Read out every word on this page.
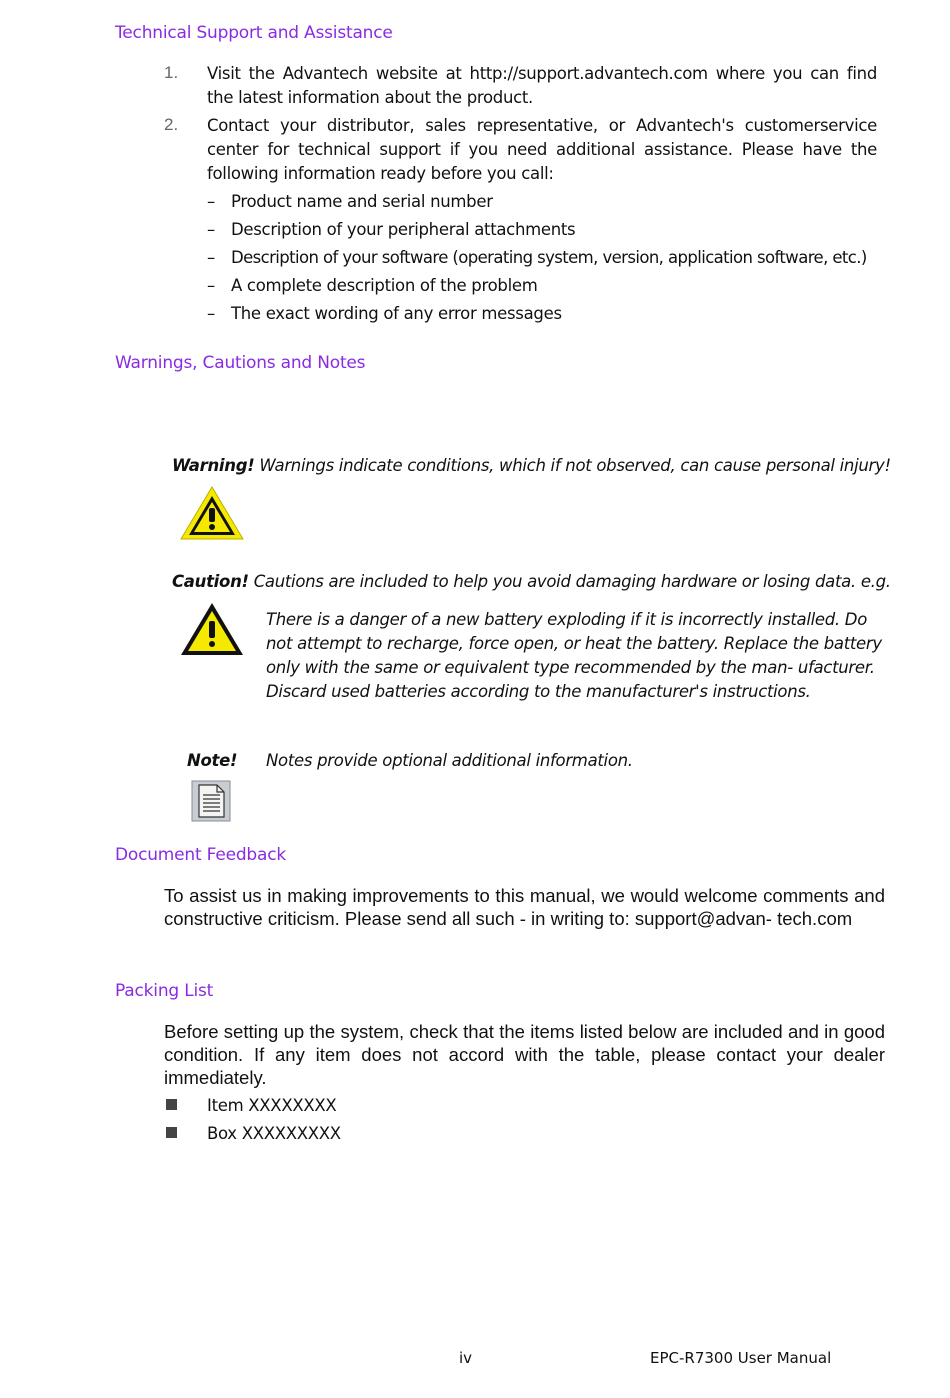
Technical Support and Assistance
1. Visit the Advantech website at http://support.advantech.com where you can find the latest information about the product.
2. Contact your distributor, sales representative, or Advantech's customerservice center for technical support if you need additional assistance. Please have the following information ready before you call:
– Product name and serial number
– Description of your peripheral attachments
– Description of your software (operating system, version, application software, etc.)
– A complete description of the problem
– The exact wording of any error messages
Warnings, Cautions and Notes
Warning! Warnings indicate conditions, which if not observed, can cause personal injury!
Caution! Cautions are included to help you avoid damaging hardware or losing data. e.g.
There is a danger of a new battery exploding if it is incorrectly installed. Do not attempt to recharge, force open, or heat the battery. Replace the battery only with the same or equivalent type recommended by the man- ufacturer. Discard used batteries according to the manufacturer's instructions.
Note! Notes provide optional additional information.
Document Feedback
To assist us in making improvements to this manual, we would welcome comments and constructive criticism. Please send all such - in writing to: support@advan- tech.com
Packing List
Before setting up the system, check that the items listed below are included and in good condition. If any item does not accord with the table, please contact your dealer immediately.
Item XXXXXXXX
Box XXXXXXXXX
iv	EPC-R7300 User Manual
